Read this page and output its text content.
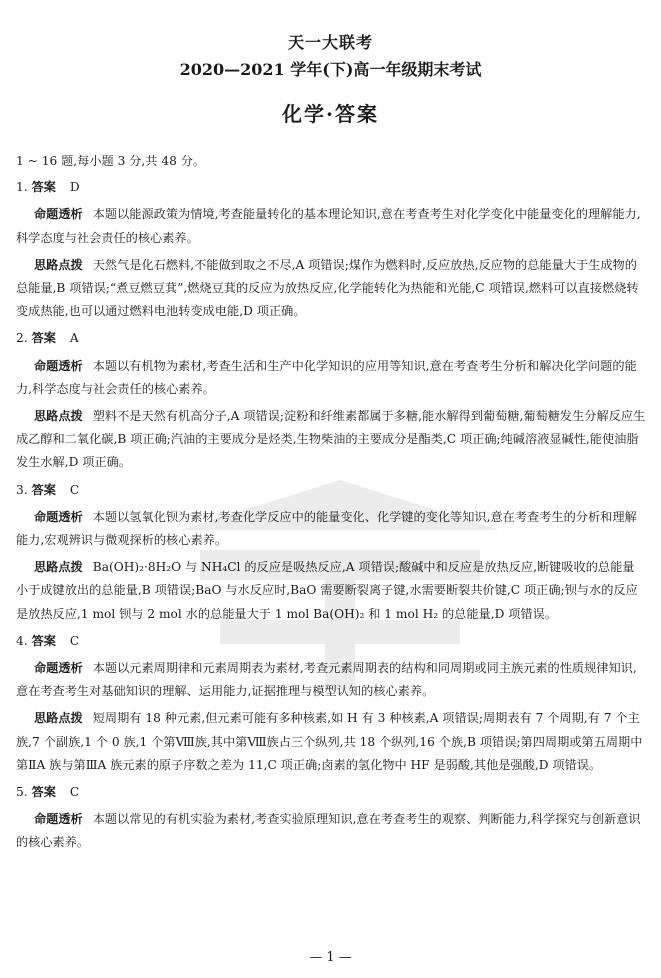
天一大联考
2020—2021 学年(下)高一年级期末考试
化学·答案
1 ~ 16 题,每小题 3 分,共 48 分。
1. 答案 D
命题透析 本题以能源政策为情境,考查能量转化的基本理论知识,意在考查考生对化学变化中能量变化的理解能力,科学态度与社会责任的核心素养。
思路点拨 天然气是化石燃料,不能做到取之不尽,A 项错误;煤作为燃料时,反应放热,反应物的总能量大于生成物的总能量,B 项错误;“煮豆燃豆萁”,燃烧豆萁的反应为放热反应,化学能转化为热能和光能,C 项错误,燃料可以直接燃烧转变成热能,也可以通过燃料电池转变成电能,D 项正确。
2. 答案 A
命题透析 本题以有机物为素材,考查生活和生产中化学知识的应用等知识,意在考查考生分析和解决化学问题的能力,科学态度与社会责任的核心素养。
思路点拨 塑料不是天然有机高分子,A 项错误;淀粉和纤维素都属于多糖,能水解得到葡萄糖,葡萄糖发生分解反应生成乙醇和二氧化碳,B 项正确;汽油的主要成分是烃类,生物柴油的主要成分是酯类,C 项正确;纯碱溶液显碱性,能使油脂发生水解,D 项正确。
3. 答案 C
命题透析 本题以氢氧化钡为素材,考查化学反应中的能量变化、化学键的变化等知识,意在考查考生的分析和理解能力,宏观辨识与微观探析的核心素养。
思路点拨 Ba(OH)₂·8H₂O 与 NH₄Cl 的反应是吸热反应,A 项错误;酸碱中和反应是放热反应,断键吸收的总能量小于成键放出的总能量,B 项错误;BaO 与水反应时,BaO 需要断裂离子键,水需要断裂共价键,C 项正确;钡与水的反应是放热反应,1 mol 钡与 2 mol 水的总能量大于 1 mol Ba(OH)₂ 和 1 mol H₂ 的总能量,D 项错误。
4. 答案 C
命题透析 本题以元素周期律和元素周期表为素材,考查元素周期表的结构和同周期或同主族元素的性质规律知识,意在考查考生对基础知识的理解、运用能力,证据推理与模型认知的核心素养。
思路点拨 短周期有 18 种元素,但元素可能有多种核素,如 H 有 3 种核素,A 项错误;周期表有 7 个周期,有 7 个主族,7 个副族,1 个 0 族,1 个第Ⅷ族,其中第Ⅷ族占三个纵列,共 18 个纵列,16 个族,B 项错误;第四周期或第五周期中第ⅡA 族与第ⅢA 族元素的原子序数之差为 11,C 项正确;卤素的氢化物中 HF 是弱酸,其他是强酸,D 项错误。
5. 答案 C
命题透析 本题以常见的有机实验为素材,考查实验原理知识,意在考查考生的观察、判断能力,科学探究与创新意识的核心素养。
— 1 —
